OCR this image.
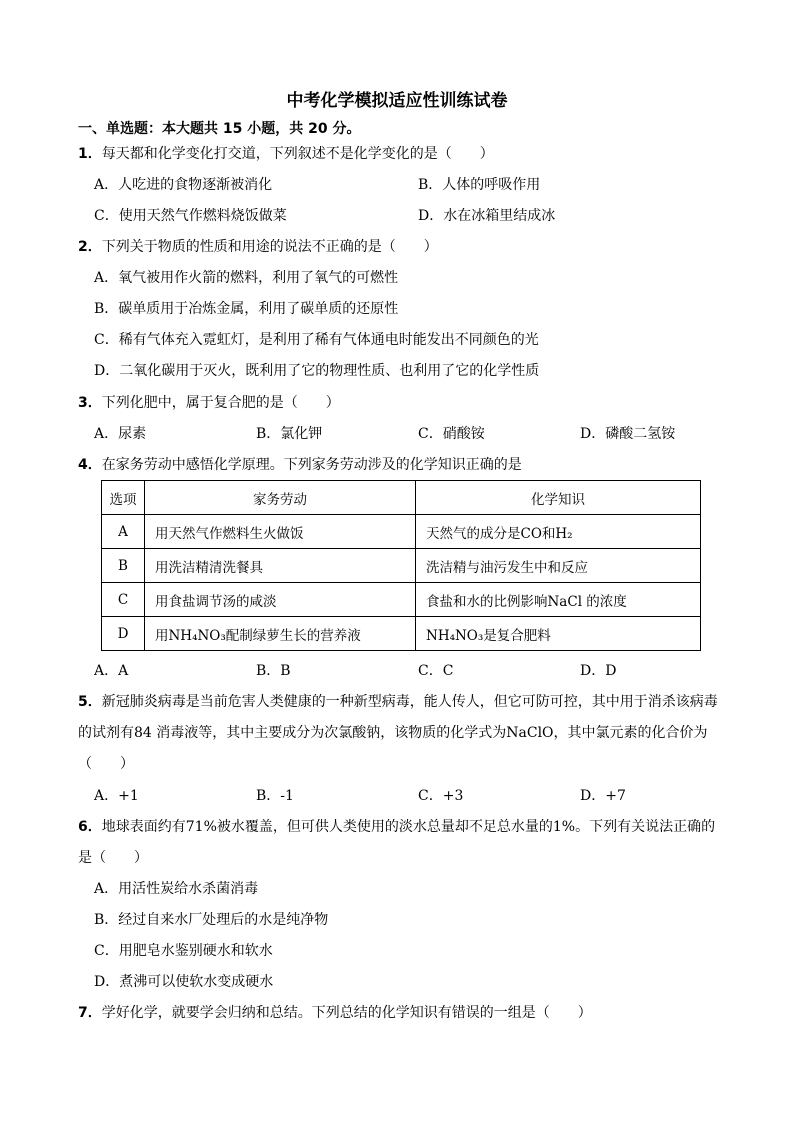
中考化学模拟适应性训练试卷
一、单选题：本大题共 15 小题，共 20 分。
1．每天都和化学变化打交道，下列叙述不是化学变化的是（　　）
A．人吃进的食物逐渐被消化	B．人体的呼吸作用
C．使用天然气作燃料烧饭做菜	D．水在冰箱里结成冰
2．下列关于物质的性质和用途的说法不正确的是（　　）
A．氧气被用作火箭的燃料，利用了氧气的可燃性
B．碳单质用于冶炼金属，利用了碳单质的还原性
C．稀有气体充入霓虹灯，是利用了稀有气体通电时能发出不同颜色的光
D．二氧化碳用于灭火，既利用了它的物理性质、也利用了它的化学性质
3．下列化肥中，属于复合肥的是（　　）
A．尿素	B．氯化钾	C．硝酸铵	D．磷酸二氢铵
4．在家务劳动中感悟化学原理。下列家务劳动涉及的化学知识正确的是
选项	家务劳动	化学知识
A	用天然气作燃料生火做饭	天然气的成分是CO和H₂
B	用洗洁精清洗餐具	洗洁精与油污发生中和反应
C	用食盐调节汤的咸淡	食盐和水的比例影响NaCl 的浓度
D	用NH₄NO₃配制绿萝生长的营养液	NH₄NO₃是复合肥料
A．A	B．B	C．C	D．D
5．新冠肺炎病毒是当前危害人类健康的一种新型病毒，能人传人，但它可防可控，其中用于消杀该病毒
的试剂有84 消毒液等，其中主要成分为次氯酸钠，该物质的化学式为NaClO，其中氯元素的化合价为
（　　）
A．+1	B．-1	C．+3	D．+7
6．地球表面约有71%被水覆盖，但可供人类使用的淡水总量却不足总水量的1%。下列有关说法正确的
是（　　）
A．用活性炭给水杀菌消毒
B．经过自来水厂处理后的水是纯净物
C．用肥皂水鉴别硬水和软水
D．煮沸可以使软水变成硬水
7．学好化学，就要学会归纳和总结。下列总结的化学知识有错误的一组是（　　）
